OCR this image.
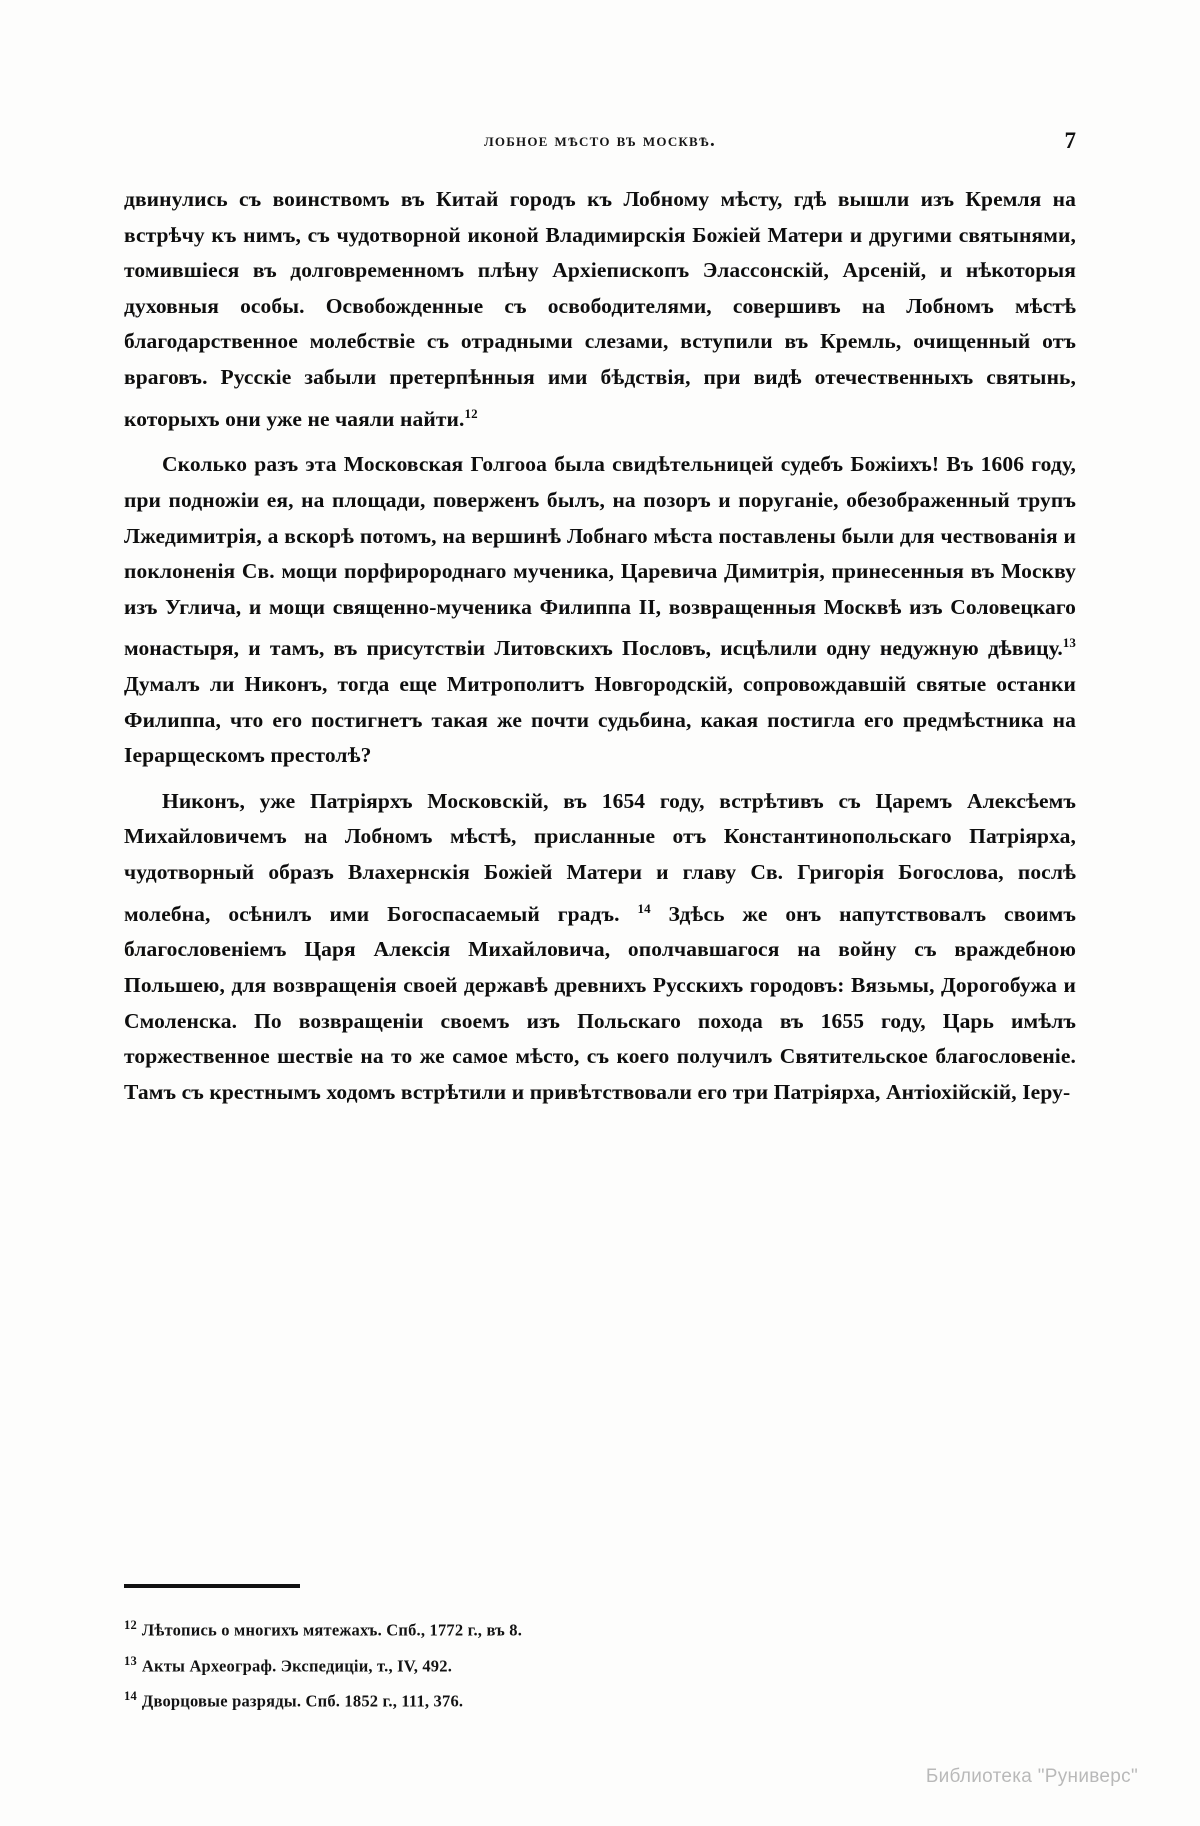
лобное мѣсто въ москвѣ.	7

двинулись съ воинствомъ въ Китай городъ къ Лобному мѣсту, гдѣ вышли изъ Кремля на встрѣчу къ нимъ, съ чудотворной иконой Владимирскія Божіей Матери и другими святынями, томившіеся въ долговременномъ плѣну Архіепископъ Элассонскій, Арсеній, и нѣкоторыя духовныя особы. Освобожденные съ освободителями, совершивъ на Лобномъ мѣстѣ благодарственное молебствіе съ отрадными слезами, вступили въ Кремль, очищенный отъ враговъ. Русскіе забыли претерпѣнныя ими бѣдствія, при видѣ отечественныхъ святынь, которыхъ они уже не чаяли найти.$^{12}$

Сколько разъ эта Московская Голгооа была свидѣтельницей судебъ Божіихъ! Въ 1606 году, при подножіи ея, на площади, поверженъ былъ, на позоръ и поруганіе, обезображенный трупъ Лжедимитрія, а вскорѣ потомъ, на вершинѣ Лобнаго мѣста поставлены были для чествованія и поклоненія Св. мощи порфиророднаго мученика, Царевича Димитрія, принесенныя въ Москву изъ Углича, и мощи священно-мученика Филиппа II, возвращенныя Москвѣ изъ Соловецкаго монастыря, и тамъ, въ присутствіи Литовскихъ Пословъ, исцѣлили одну недужную дѣвицу.$^{13}$ Думалъ ли Никонъ, тогда еще Митрополитъ Новгородскій, сопровождавшій святые останки Филиппа, что его постигнетъ такая же почти судьбина, какая постигла его предмѣстника на Іерарщескомъ престолѣ?

Никонъ, уже Патріярхъ Московскій, въ 1654 году, встрѣтивъ съ Царемъ Алексѣемъ Михайловичемъ на Лобномъ мѣстѣ, присланные отъ Константинопольскаго Патріярха, чудотворный образъ Влахернскія Божіей Матери и главу Св. Григорія Богослова, послѣ молебна, осѣнилъ ими Богоспасаемый градъ. $^{14}$ Здѣсь же онъ напутствовалъ своимъ благословеніемъ Царя Алексія Михайловича, ополчавшагося на войну съ враждебною Польшею, для возвращенія своей державѣ древнихъ Русскихъ городовъ: Вязьмы, Дорогобужа и Смоленска. По возвращеніи своемъ изъ Польскаго похода въ 1655 году, Царь имѣлъ торжественное шествіе на то же самое мѣсто, съ коего получилъ Святительское благословеніе. Тамъ съ крестнымъ ходомъ встрѣтили и привѣтствовали его три Патріярха, Антіохійскій, Іеру-

$^{12}$ Лѣтопись о многихъ мятежахъ. Спб., 1772 г., въ 8.
$^{13}$ Акты Археограф. Экспедиціи, т., IV, 492.
$^{14}$ Дворцовые разряды. Спб. 1852 г., 111, 376.
Библиотека "Руниверс"
